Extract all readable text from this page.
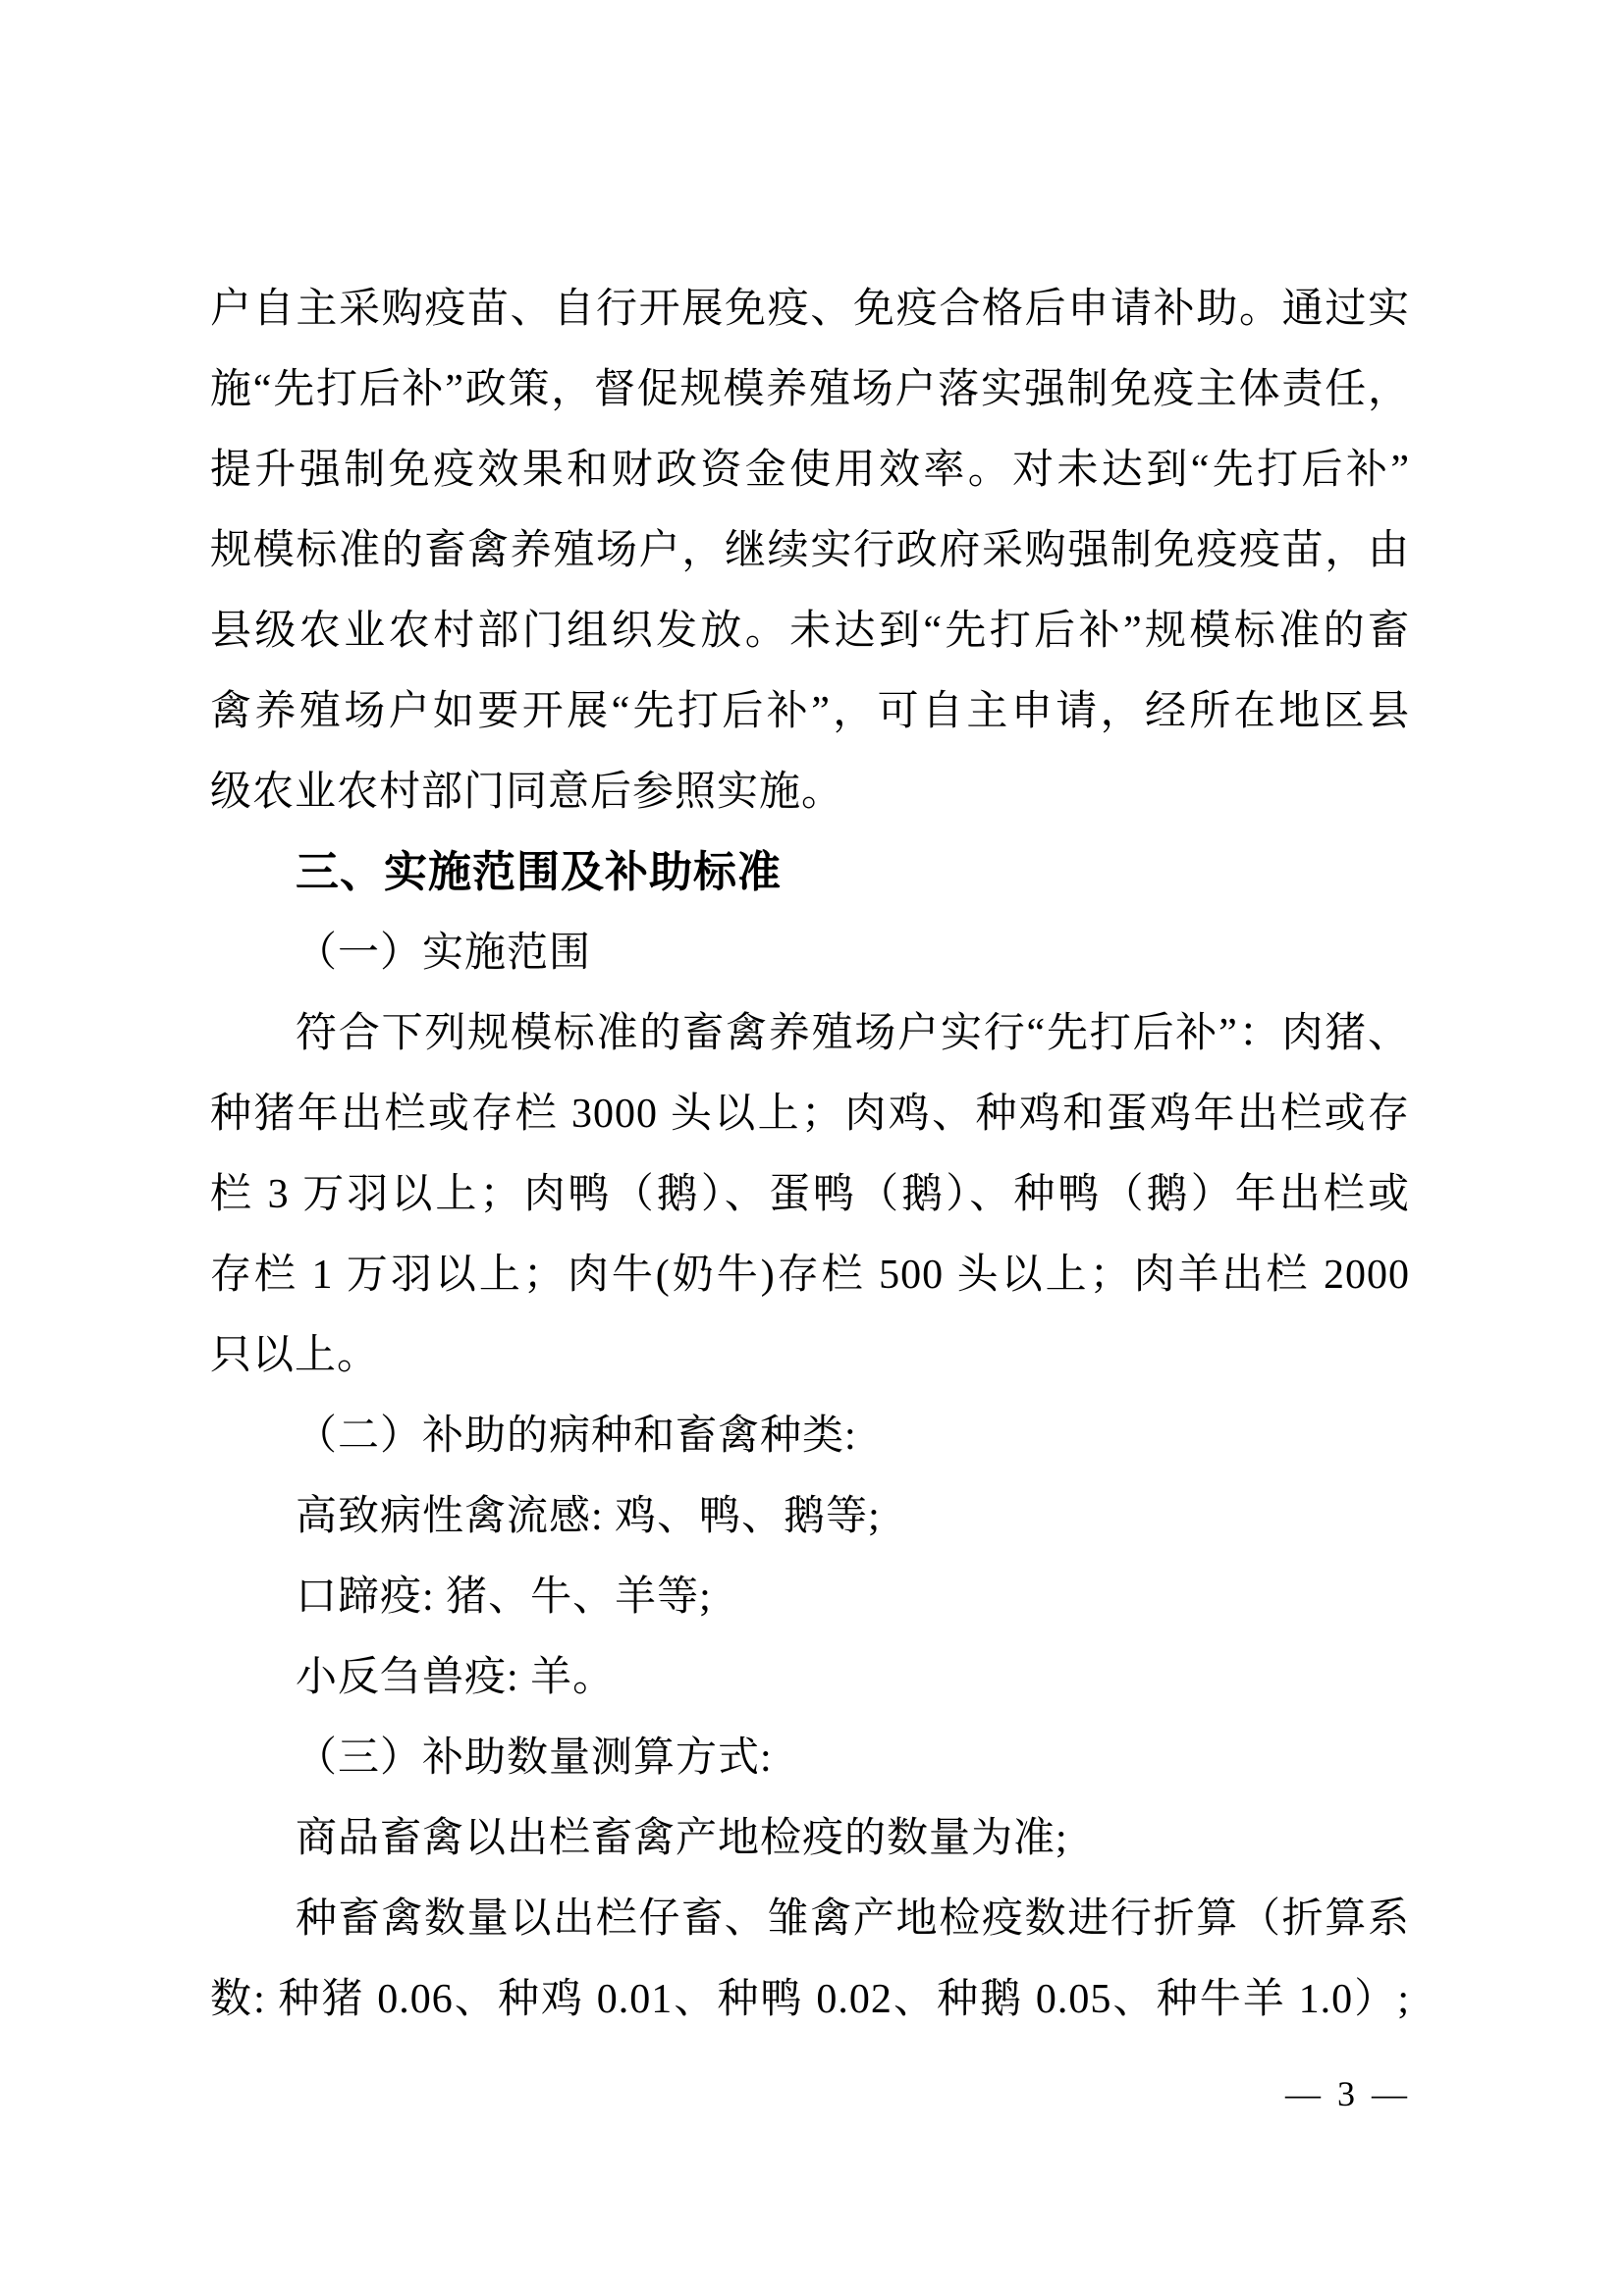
户自主采购疫苗、自行开展免疫、免疫合格后申请补助。通过实
施“先打后补”政策，督促规模养殖场户落实强制免疫主体责任，
提升强制免疫效果和财政资金使用效率。对未达到“先打后补”
规模标准的畜禽养殖场户，继续实行政府采购强制免疫疫苗，由
县级农业农村部门组织发放。未达到“先打后补”规模标准的畜
禽养殖场户如要开展“先打后补”，可自主申请，经所在地区县
级农业农村部门同意后参照实施。
三、实施范围及补助标准
（一）实施范围
符合下列规模标准的畜禽养殖场户实行“先打后补”：肉猪、
种猪年出栏或存栏 3000 头以上；肉鸡、种鸡和蛋鸡年出栏或存
栏 3 万羽以上；肉鸭（鹅）、蛋鸭（鹅）、种鸭（鹅）年出栏或
存栏 1 万羽以上；肉牛(奶牛)存栏 500 头以上；肉羊出栏 2000
只以上。
（二）补助的病种和畜禽种类:
高致病性禽流感: 鸡、鸭、鹅等;
口蹄疫: 猪、牛、羊等;
小反刍兽疫: 羊。
（三）补助数量测算方式:
商品畜禽以出栏畜禽产地检疫的数量为准;
种畜禽数量以出栏仔畜、雏禽产地检疫数进行折算（折算系
数: 种猪 0.06、种鸡 0.01、种鸭 0.02、种鹅 0.05、种牛羊 1.0）;
— 3 —
